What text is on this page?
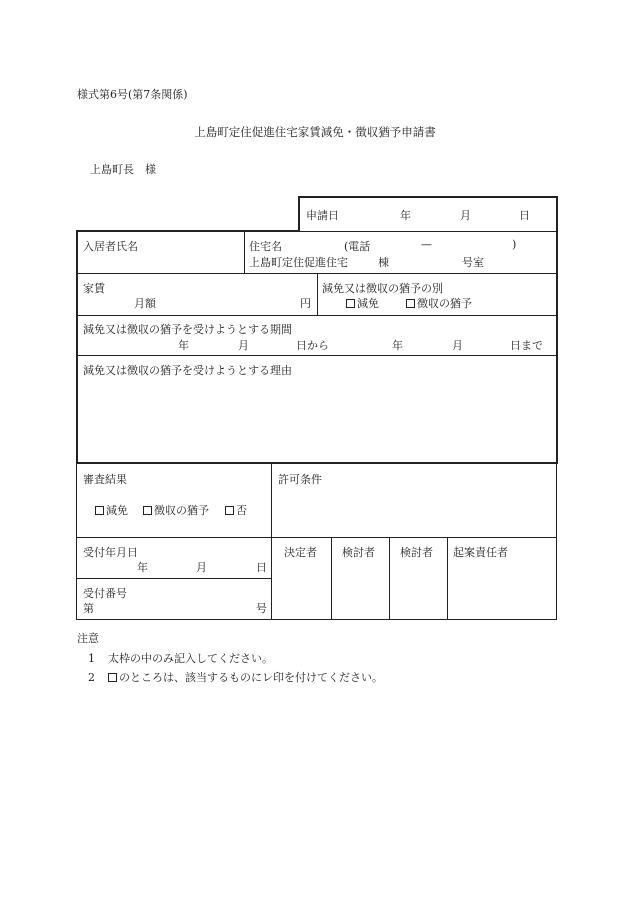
様式第6号(第7条関係)
上島町定住促進住宅家賃減免・徴収猶予申請書
上島町長　様
申請日	年	月	日
入居者氏名	住宅名	(電話	—	)
上島町定住促進住宅	棟	号室
家賃
月額	円
減免又は徴収の猶予の別
減免	徴収の猶予
減免又は徴収の猶予を受けようとする期間
年	月	日から	年	月	日まで
減免又は徴収の猶予を受けようとする理由
審査結果
減免	徴収の猶予	否
許可条件
受付年月日
年	月	日
受付番号
第	号
決定者 検討者 検討者 起案責任者
注意
1 太枠の中のみ記入してください。
2 のところは、該当するものにレ印を付けてください。
